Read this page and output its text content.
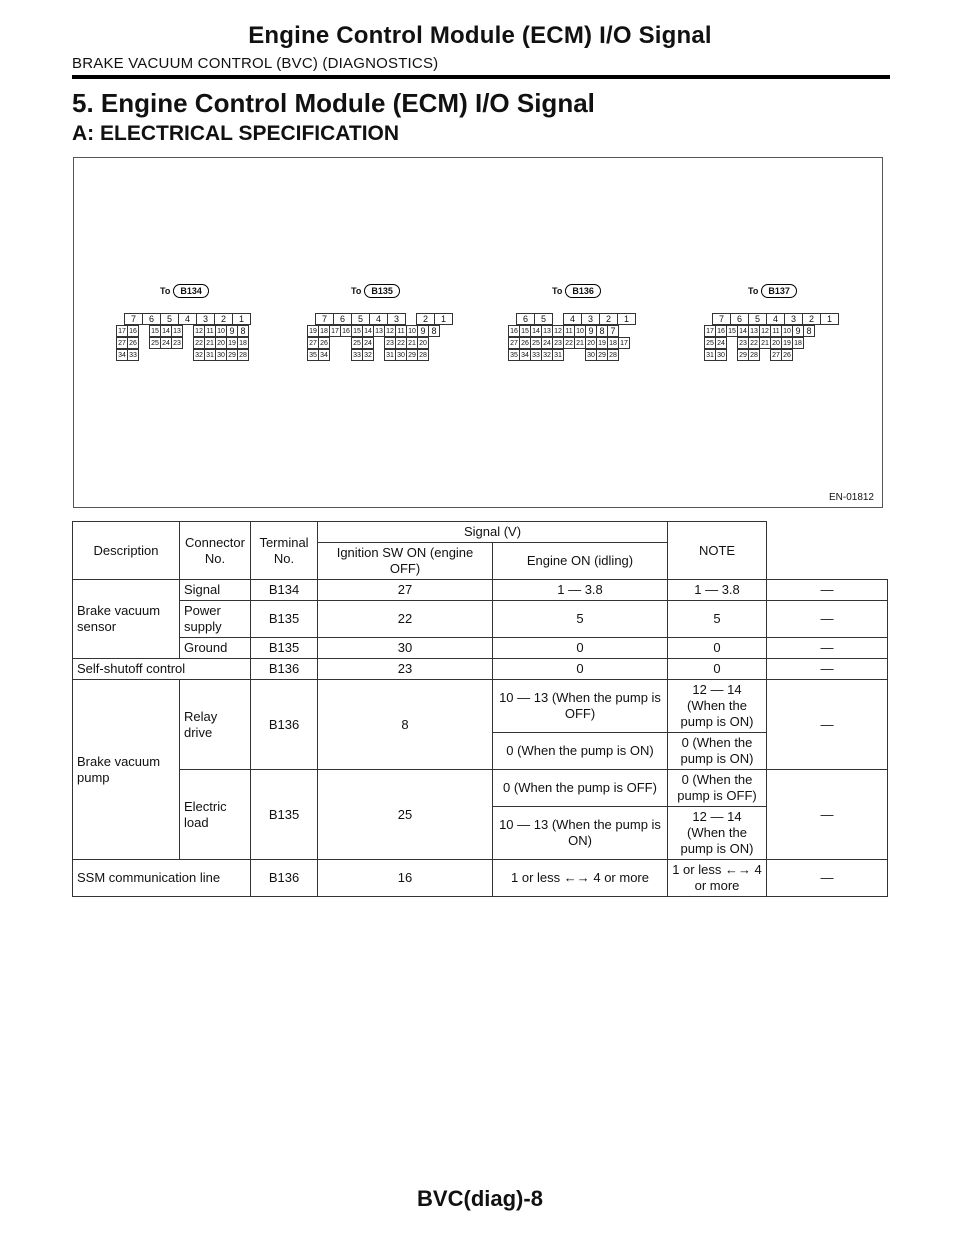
Engine Control Module (ECM) I/O Signal
BRAKE VACUUM CONTROL (BVC) (DIAGNOSTICS)
5. Engine Control Module (ECM) I/O Signal
A: ELECTRICAL SPECIFICATION
To B134
7	6	5	4	3	2	1
17 16	15 14 13	12 11 10 9 8
27 26	25 24 23	22 21 20 19 18
34 33	32 31 30 29 28
To B135
7	6	5	4	3	2	1
19 18 17 16 15 14 13 12 11 10 9 8
27 26	25 24	23 22 21 20
35 34	33 32	31 30 29 28
To B136
6	5	4	3	2	1
16 15 14 13 12 11 10 9 8 7
27 26 25 24 23 22 21 20 19 18 17
35 34 33 32 31	30 29 28
To B137
7	6	5	4	3	2	1
17 16 15 14 13 12 11 10 9 8
25 24	23 22 21 20 19 18
31 30	29 28	27 26
EN-01812
Description	Connector No.	Terminal No.	Signal (V)		NOTE	
			Ignition SW ON (engine OFF)	Engine ON (idling)		
Brake vacuum sensor	Signal	B134	27	1 — 3.8	1 — 3.8	—
	Power supply	B135	22	5	5	—
	Ground	B135	30	0	0	—
Self-shutoff control		B136	23	0	0	—
Brake vacuum pump	Relay drive	B136	8	10 — 13 (When the pump is OFF)	12 — 14 (When the pump is ON)	—
				0 (When the pump is ON)	0 (When the pump is ON)	
	Electric load	B135	25	0 (When the pump is OFF)	0 (When the pump is OFF)	—
				10 — 13 (When the pump is ON)	12 — 14 (When the pump is ON)	
SSM communication line		B136	16	1 or less ←→ 4 or more	1 or less ←→ 4 or more	—
BVC(diag)-8
